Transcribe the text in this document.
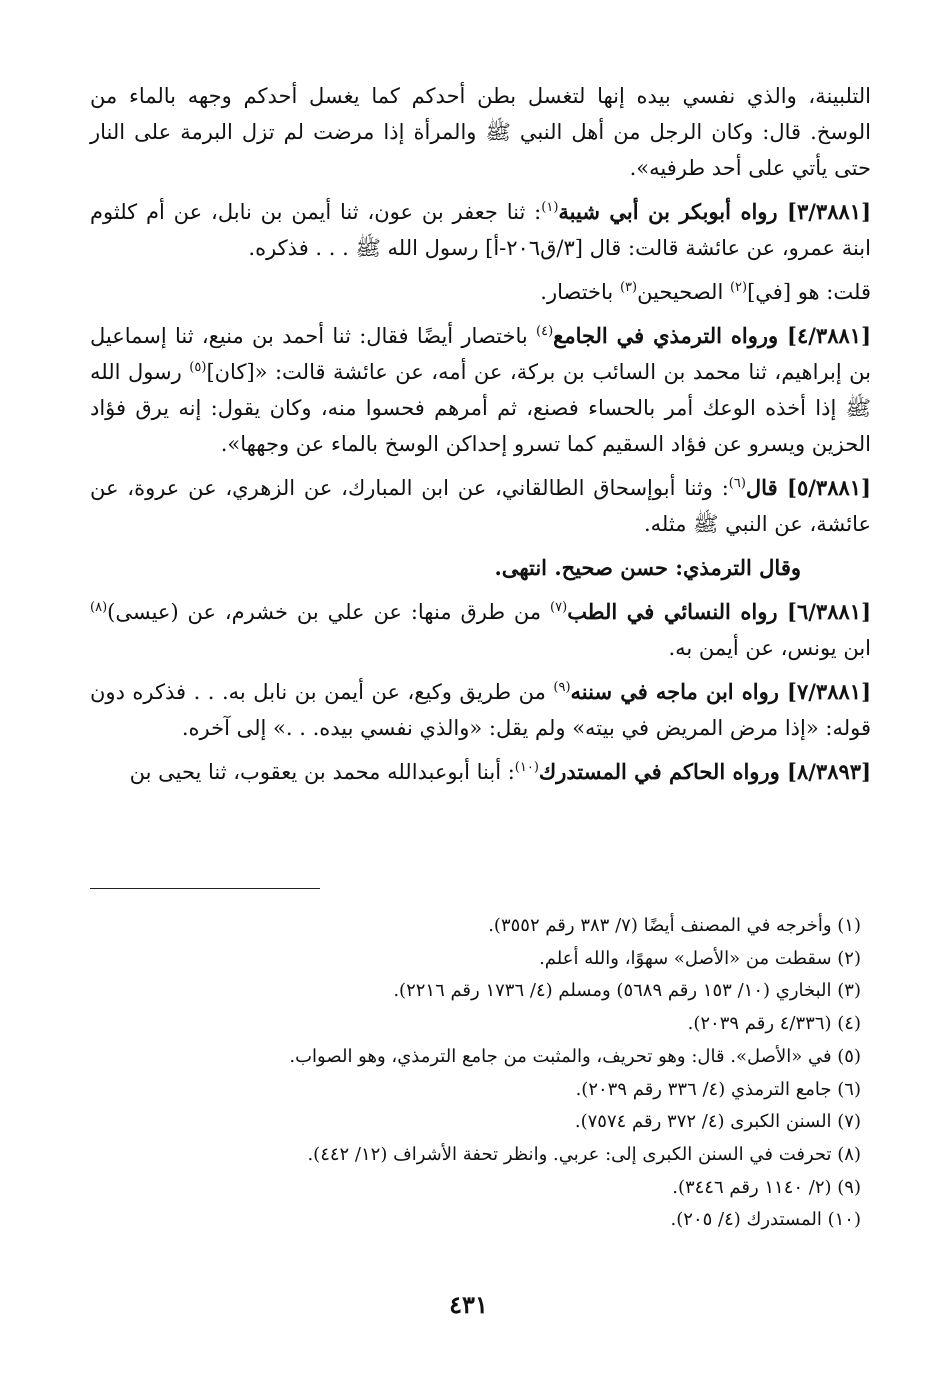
التلبينة، والذي نفسي بيده إنها لتغسل بطن أحدكم كما يغسل أحدكم وجهه بالماء من الوسخ. قال: وكان الرجل من أهل النبي ﷺ والمرأة إذا مرضت لم تزل البرمة على النار حتى يأتي على أحد طرفيه».

[٣/٣٨٨١] رواه أبوبكر بن أبي شيبة$^{(١)}$: ثنا جعفر بن عون، ثنا أيمن بن نابل، عن أم كلثوم ابنة عمرو، عن عائشة قالت: قال [٣/ق٢٠٦-أ] رسول الله ﷺ . . . فذكره.

قلت: هو [في]$^{(٢)}$ الصحيحين$^{(٣)}$ باختصار.

[٤/٣٨٨١] ورواه الترمذي في الجامع$^{(٤)}$ باختصار أيضًا فقال: ثنا أحمد بن منيع، ثنا إسماعيل بن إبراهيم، ثنا محمد بن السائب بن بركة، عن أمه، عن عائشة قالت: «[كان]$^{(٥)}$ رسول الله ﷺ إذا أخذه الوعك أمر بالحساء فصنع، ثم أمرهم فحسوا منه، وكان يقول: إنه يرق فؤاد الحزين ويسرو عن فؤاد السقيم كما تسرو إحداكن الوسخ بالماء عن وجهها».

[٥/٣٨٨١] قال$^{(٦)}$: وثنا أبوإسحاق الطالقاني، عن ابن المبارك، عن الزهري، عن عروة، عن عائشة، عن النبي ﷺ مثله.

وقال الترمذي: حسن صحيح. انتهى.

[٦/٣٨٨١] رواه النسائي في الطب$^{(٧)}$ من طرق منها: عن علي بن خشرم، عن (عيسى)$^{(٨)}$ ابن يونس، عن أيمن به.

[٧/٣٨٨١] رواه ابن ماجه في سننه$^{(٩)}$ من طريق وكيع، عن أيمن بن نابل به. . . فذكره دون قوله: «إذا مرض المريض في بيته» ولم يقل: «والذي نفسي بيده. . .» إلى آخره.

[٨/٣٨٩٣] ورواه الحاكم في المستدرك$^{(١٠)}$: أبنا أبوعبدالله محمد بن يعقوب، ثنا يحيى بن

(١) وأخرجه في المصنف أيضًا (٧/ ٣٨٣ رقم ٣٥٥٢).

(٢) سقطت من «الأصل» سهوًا، والله أعلم.

(٣) البخاري (١٠/ ١٥٣ رقم ٥٦٨٩) ومسلم (٤/ ١٧٣٦ رقم ٢٢١٦).

(٤) (٤/٣٣٦ رقم ٢٠٣٩).

(٥) في «الأصل». قال: وهو تحريف، والمثبت من جامع الترمذي، وهو الصواب.

(٦) جامع الترمذي (٤/ ٣٣٦ رقم ٢٠٣٩).

(٧) السنن الكبرى (٤/ ٣٧٢ رقم ٧٥٧٤).

(٨) تحرفت في السنن الكبرى إلى: عربي. وانظر تحفة الأشراف (١٢/ ٤٤٢).

(٩) (٢/ ١١٤٠ رقم ٣٤٤٦).

(١٠) المستدرك (٤/ ٢٠٥).

٤٣١
